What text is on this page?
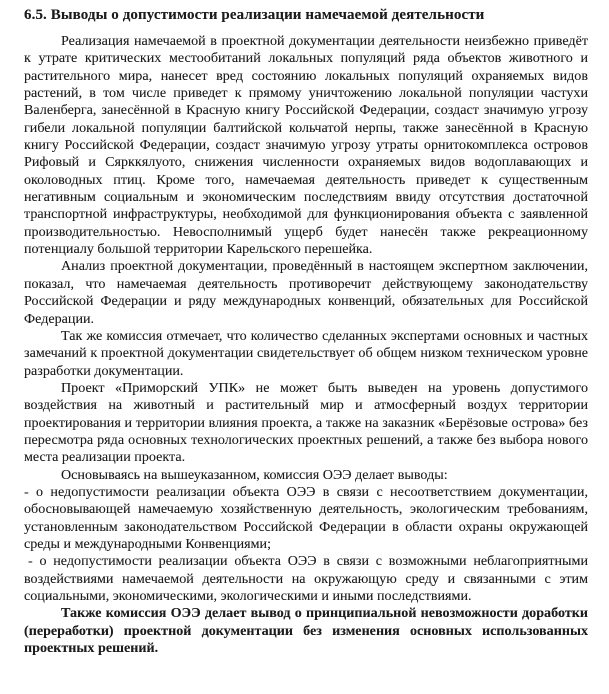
6.5. Выводы о допустимости реализации намечаемой деятельности

Реализация намечаемой в проектной документации деятельности неизбежно приведёт к утрате критических местообитаний локальных популяций ряда объектов животного и растительного мира, нанесет вред состоянию локальных популяций охраняемых видов растений, в том числе приведет к прямому уничтожению локальной популяции частухи Валенберга, занесённой в Красную книгу Российской Федерации, создаст значимую угрозу гибели локальной популяции балтийской кольчатой нерпы, также занесённой в Красную книгу Российской Федерации, создаст значимую угрозу утраты орнитокомплекса островов Рифовый и Сярккялуото, снижения численности охраняемых видов водоплавающих и околоводных птиц. Кроме того, намечаемая деятельность приведет к существенным негативным социальным и экономическим последствиям ввиду отсутствия достаточной транспортной инфраструктуры, необходимой для функционирования объекта с заявленной производительностью. Невосполнимый ущерб будет нанесён также рекреационному потенциалу большой территории Карельского перешейка.

Анализ проектной документации, проведённый в настоящем экспертном заключении, показал, что намечаемая деятельность противоречит действующему законодательству Российской Федерации и ряду международных конвенций, обязательных для Российской Федерации.

Так же комиссия отмечает, что количество сделанных экспертами основных и частных замечаний к проектной документации свидетельствует об общем низком техническом уровне разработки документации.

Проект «Приморский УПК» не может быть выведен на уровень допустимого воздействия на животный и растительный мир и атмосферный воздух территории проектирования и территории влияния проекта, а также на заказник «Берёзовые острова» без пересмотра ряда основных технологических проектных решений, а также без выбора нового места реализации проекта.

Основываясь на вышеуказанном, комиссия ОЭЭ делает выводы:

- о недопустимости реализации объекта ОЭЭ в связи с несоответствием документации, обосновывающей намечаемую хозяйственную деятельность, экологическим требованиям, установленным законодательством Российской Федерации в области охраны окружающей среды и международными Конвенциями;

- о недопустимости реализации объекта ОЭЭ в связи с возможными неблагоприятными воздействиями намечаемой деятельности на окружающую среду и связанными с этим социальными, экономическими, экологическими и иными последствиями.

Также комиссия ОЭЭ делает вывод о принципиальной невозможности доработки (переработки) проектной документации без изменения основных использованных проектных решений.
